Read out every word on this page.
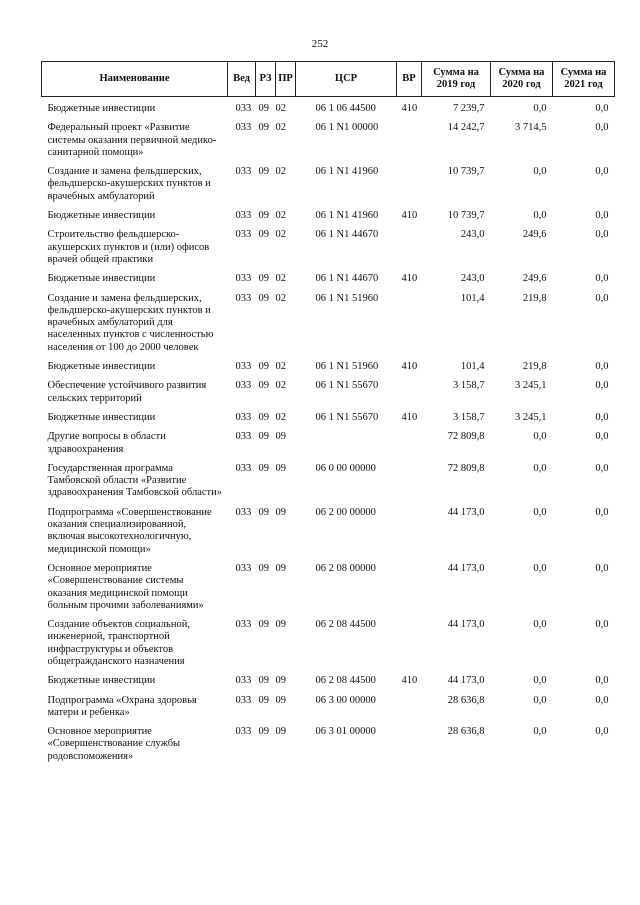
252
Наименование	Вед	РЗ	ПР	ЦСР	ВР	Сумма на 2019 год	Сумма на 2020 год	Сумма на 2021 год
Бюджетные инвестиции	033	09	02	06 1 06 44500	410	7 239,7	0,0	0,0
Федеральный проект «Развитие системы оказания первичной медико-санитарной помощи»	033	09	02	06 1 N1 00000		14 242,7	3 714,5	0,0
Создание и замена фельдшерских, фельдшерско-акушерских пунктов и врачебных амбулаторий	033	09	02	06 1 N1 41960		10 739,7	0,0	0,0
Бюджетные инвестиции	033	09	02	06 1 N1 41960	410	10 739,7	0,0	0,0
Строительство фельдшерско-акушерских пунктов и (или) офисов врачей общей практики	033	09	02	06 1 N1 44670		243,0	249,6	0,0
Бюджетные инвестиции	033	09	02	06 1 N1 44670	410	243,0	249,6	0,0
Создание и замена фельдшерских, фельдшерско-акушерских пунктов и врачебных амбулаторий для населенных пунктов с численностью населения от 100 до 2000 человек	033	09	02	06 1 N1 51960		101,4	219,8	0,0
Бюджетные инвестиции	033	09	02	06 1 N1 51960	410	101,4	219,8	0,0
Обеспечение устойчивого развития сельских территорий	033	09	02	06 1 N1 55670		3 158,7	3 245,1	0,0
Бюджетные инвестиции	033	09	02	06 1 N1 55670	410	3 158,7	3 245,1	0,0
Другие вопросы в области здравоохранения	033	09	09			72 809,8	0,0	0,0
Государственная программа Тамбовской области «Развитие здравоохранения Тамбовской области»	033	09	09	06 0 00 00000		72 809,8	0,0	0,0
Подпрограмма «Совершенствование оказания специализированной, включая высокотехнологичную, медицинской помощи»	033	09	09	06 2 00 00000		44 173,0	0,0	0,0
Основное мероприятие «Совершенствование системы оказания медицинской помощи больным прочими заболеваниями»	033	09	09	06 2 08 00000		44 173,0	0,0	0,0
Создание объектов социальной, инженерной, транспортной инфраструктуры и объектов общегражданского назначения	033	09	09	06 2 08 44500		44 173,0	0,0	0,0
Бюджетные инвестиции	033	09	09	06 2 08 44500	410	44 173,0	0,0	0,0
Подпрограмма «Охрана здоровья матери и ребенка»	033	09	09	06 3 00 00000		28 636,8	0,0	0,0
Основное мероприятие «Совершенствование службы родовспоможения»	033	09	09	06 3 01 00000		28 636,8	0,0	0,0
